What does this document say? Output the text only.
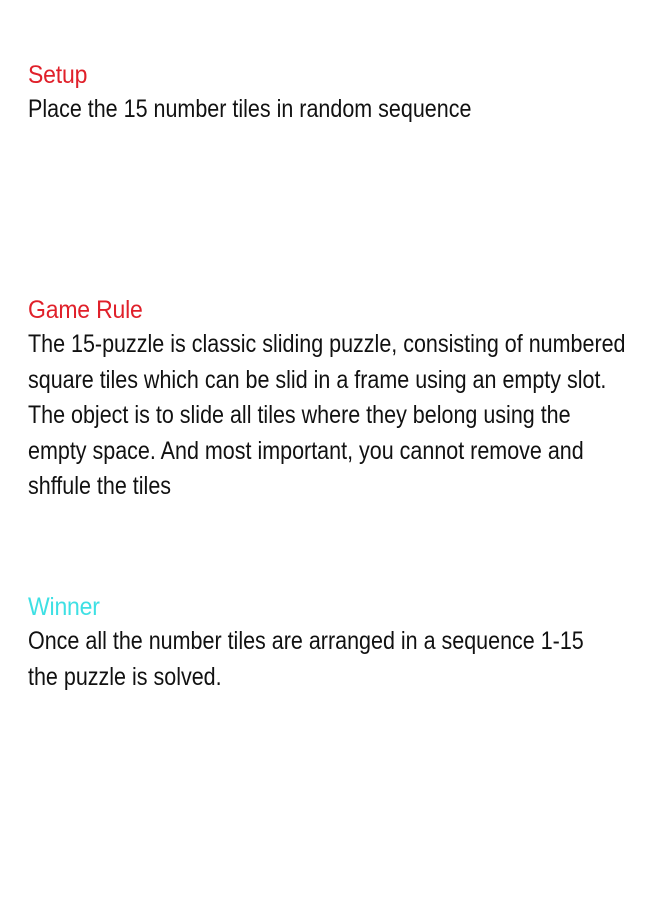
Setup
Place the 15 number tiles in random sequence
Game Rule
The 15-puzzle is classic sliding puzzle, consisting of numbered
square tiles which can be slid in a frame using an empty slot.
The object is to slide all tiles where they belong using the
empty space. And most important, you cannot remove and
shffule the tiles
Winner
Once all the number tiles are arranged in a sequence 1-15
the puzzle is solved.
